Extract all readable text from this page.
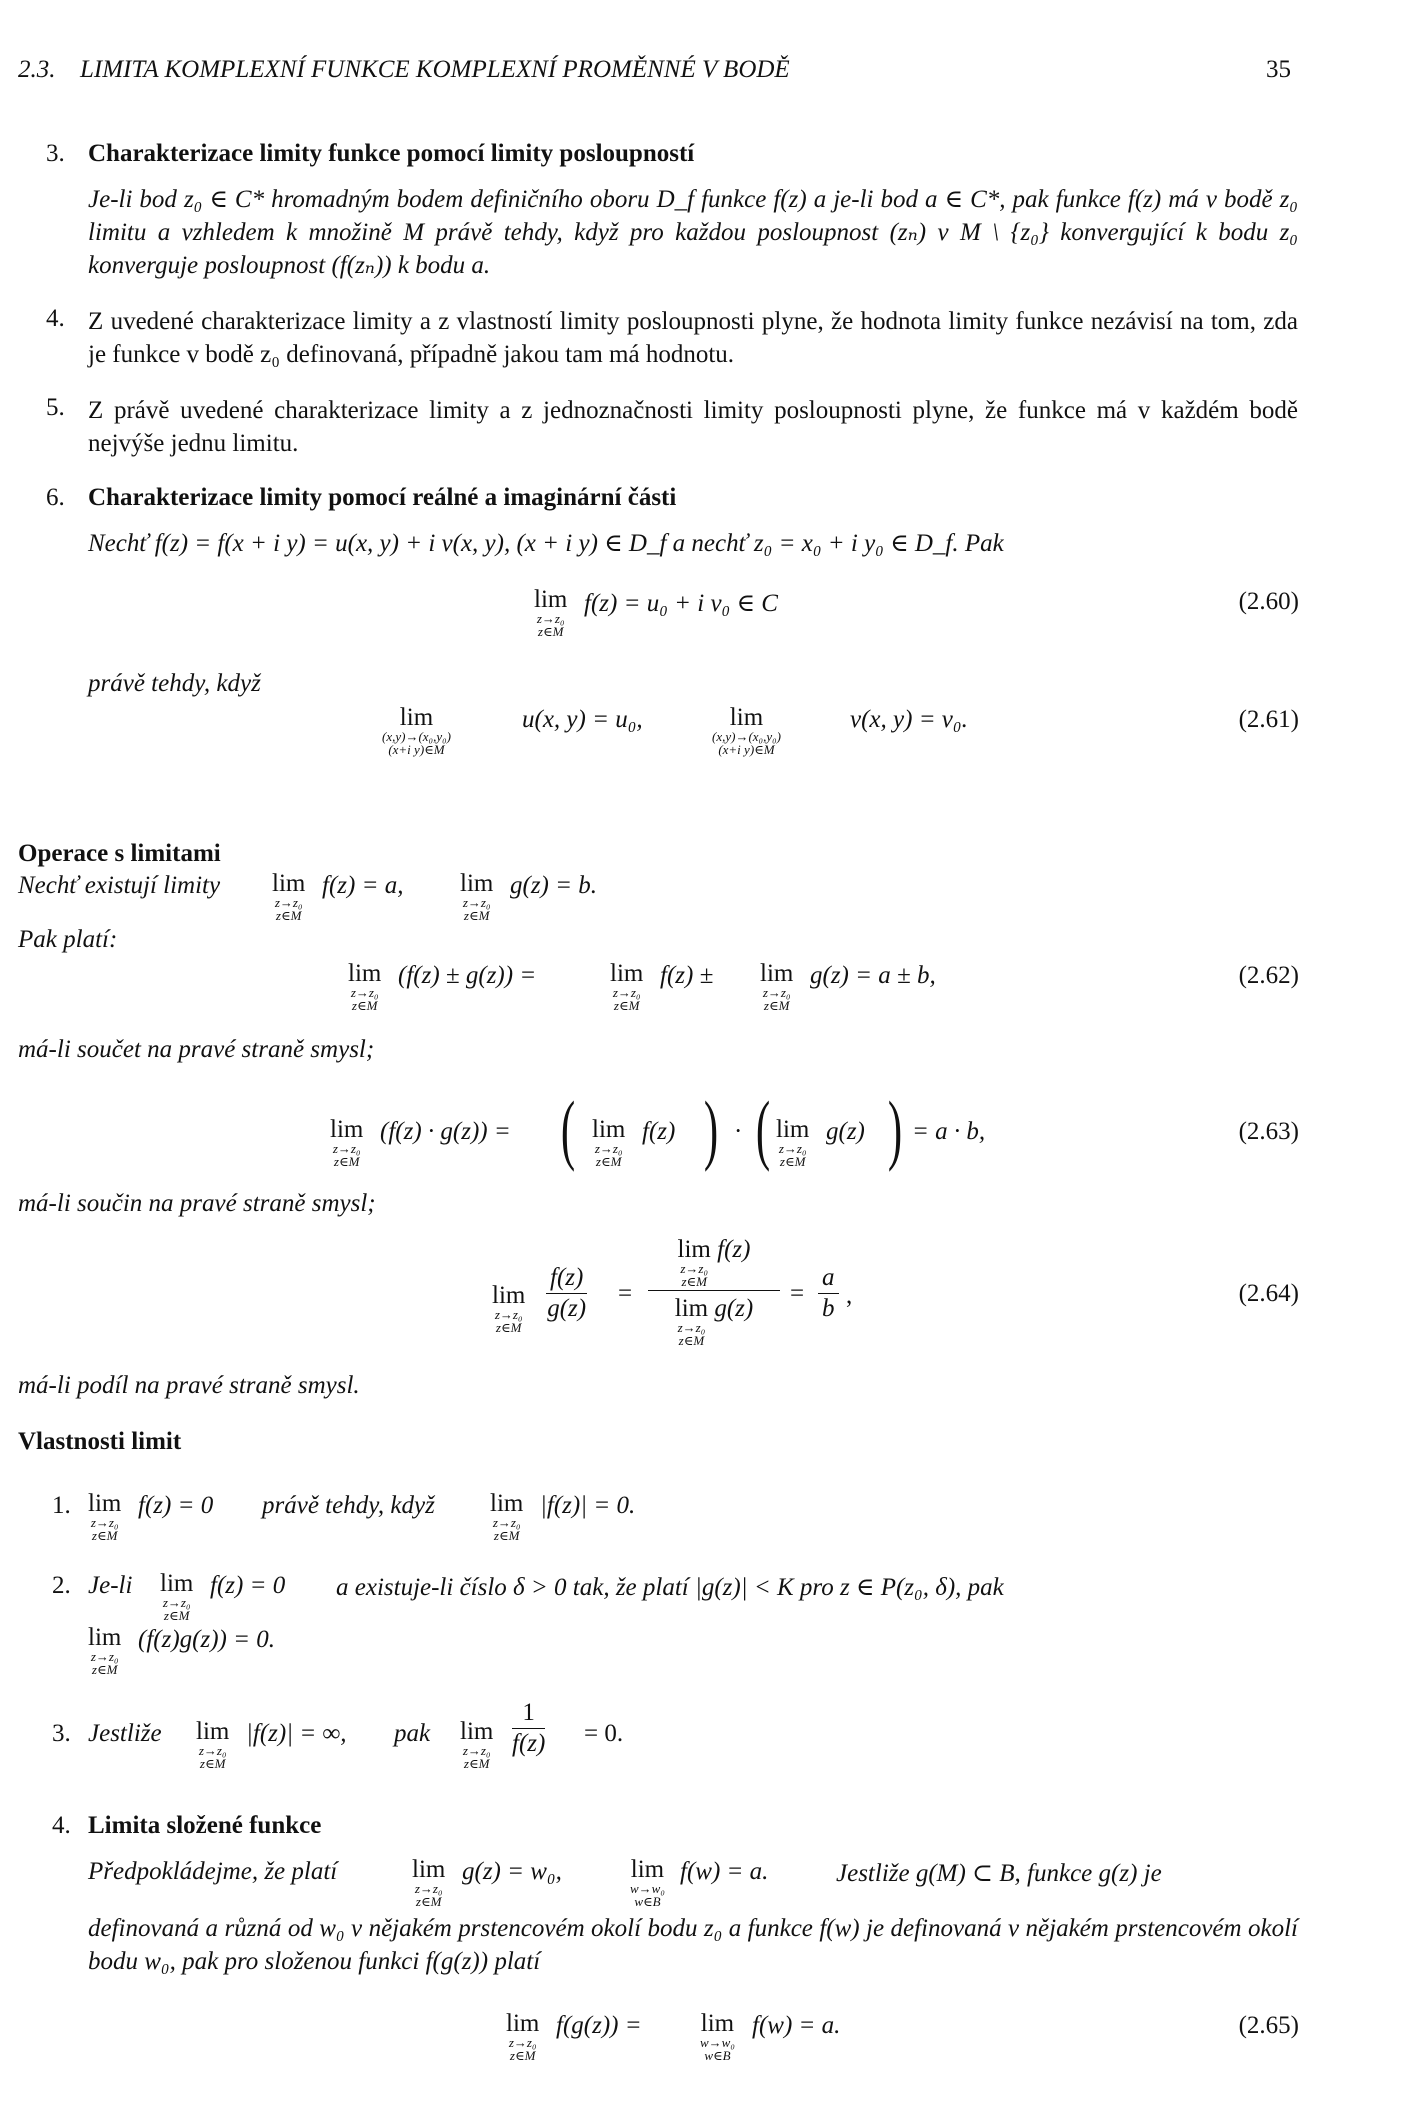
2.3. LIMITA KOMPLEXNÍ FUNKCE KOMPLEXNÍ PROMĚNNÉ V BODĚ	35
3. Charakterizace limity funkce pomocí limity posloupností
Je-li bod z₀ ∈ C* hromadným bodem definičního oboru D_f funkce f(z) a je-li bod a ∈ C*, pak funkce f(z) má v bodě z₀ limitu a vzhledem k množině M právě tehdy, když pro každou posloupnost (zₙ) v M \ {z₀} konvergující k bodu z₀ konverguje posloupnost (f(zₙ)) k bodu a.
4. Z uvedené charakterizace limity a z vlastností limity posloupnosti plyne, že hodnota limity funkce nezávisí na tom, zda je funkce v bodě z₀ definovaná, případně jakou tam má hodnotu.
5. Z právě uvedené charakterizace limity a z jednoznačnosti limity posloupnosti plyne, že funkce má v každém bodě nejvýše jednu limitu.
6. Charakterizace limity pomocí reálné a imaginární části
Nechť f(z) = f(x + i y) = u(x, y) + i v(x, y), (x + i y) ∈ D_f a nechť z₀ = x₀ + i y₀ ∈ D_f. Pak
lim
z→z₀
z∈M
f(z) = u₀ + i v₀ ∈ C	(2.60)
právě tehdy, když
lim
(x,y)→(x₀,y₀)
(x+i y)∈M
u(x, y) = u₀,	lim
(x,y)→(x₀,y₀)
(x+i y)∈M
v(x, y) = v₀.	(2.61)
Operace s limitami
Nechť existují limity lim
z→z₀
z∈M
f(z) = a, lim
z→z₀
z∈M
g(z) = b.
Pak platí:
lim
z→z₀
z∈M
(f(z) ± g(z)) =	lim
z→z₀
z∈M
f(z) ± lim
z→z₀
z∈M
g(z) = a ± b,	(2.62)
má-li součet na pravé straně smysl;
lim
z→z₀
z∈M
(f(z) · g(z)) = ( lim
z→z₀
z∈M
f(z) ) · ( lim
z→z₀
z∈M
g(z) ) = a · b,	(2.63)
má-li součin na pravé straně smysl;
lim
z→z₀
z∈M
$\frac{f(z)}{g(z)} = \lim$
z→z₀
z∈M
f(z)
lim
z→z₀
z∈M
$g(z) = \frac{a}{b}$ ,	(2.64)
má-li podíl na pravé straně smysl.
Vlastnosti limit
1. lim
z→z₀
z∈M
f(z) = 0 právě tehdy, když lim
z→z₀
z∈M
|f(z)| = 0.
2. Je-li lim
z→z₀
z∈M
f(z) = 0 a existuje-li číslo δ > 0 tak, že platí |g(z)| < K pro z ∈ P(z₀, δ), pak
lim
z→z₀
z∈M
(f(z)g(z)) = 0.
3. Jestliže lim
z→z₀
z∈M
|f(z)| = ∞, pak lim
z→z₀
z∈M
$\frac{1}{f(z)} = 0$.
4. Limita složené funkce
Předpokládejme, že platí	lim
z→z₀
z∈M
g(z) = w₀,	lim
w→w₀
w∈B
f(w) = a.	Jestliže g(M) ⊂ B, funkce g(z) je
definovaná a různá od w₀ v nějakém prstencovém okolí bodu z₀ a funkce f(w) je definovaná v nějakém prstencovém okolí bodu w₀, pak pro složenou funkci f(g(z)) platí
lim
z→z₀
z∈M
f(g(z)) = lim
w→w₀
w∈B
f(w) = a.	(2.65)
